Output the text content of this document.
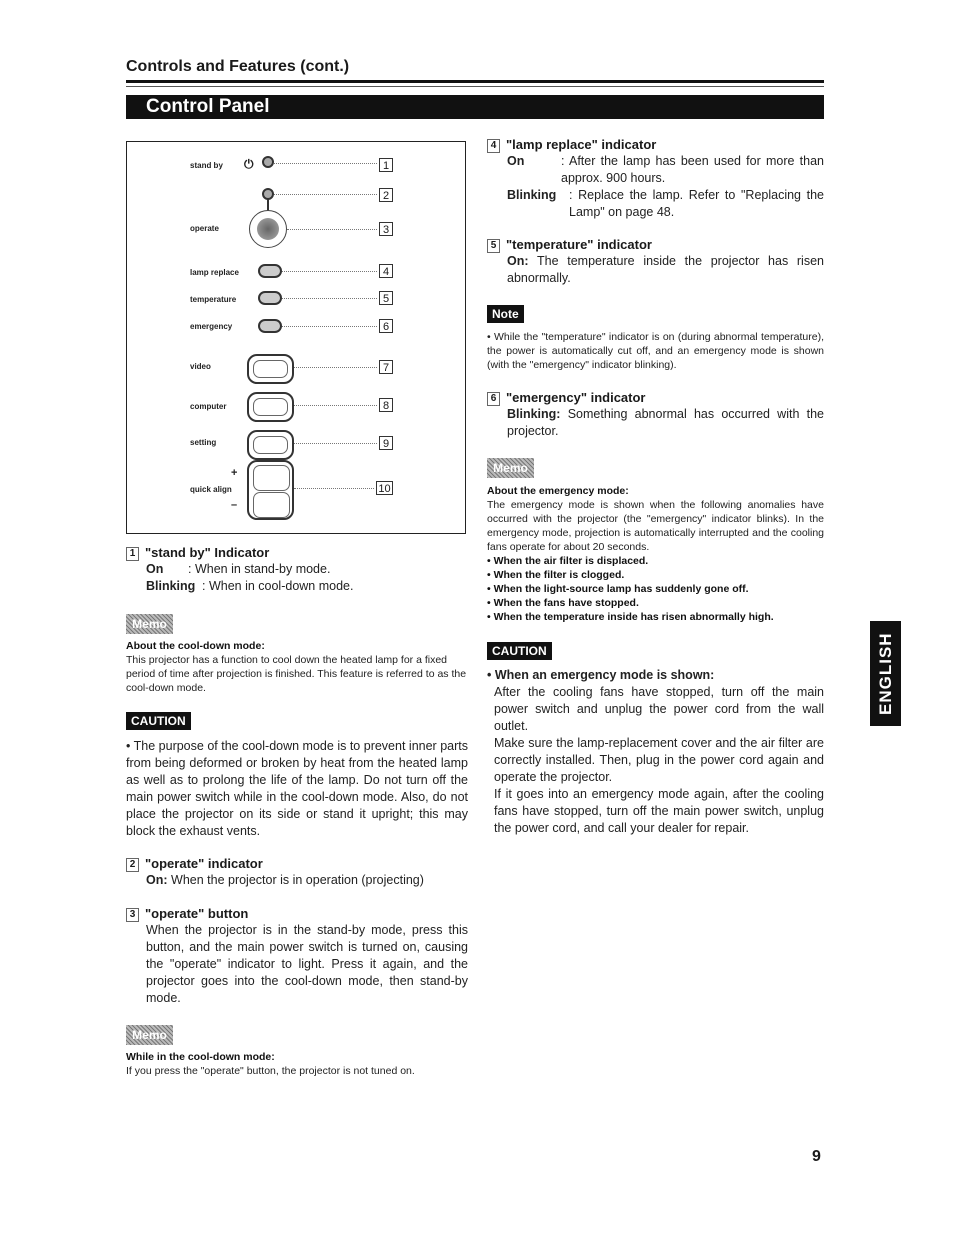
Controls and Features (cont.)
Control Panel
stand by ⏻	1
2
operate	3
lamp replace	4
temperature	5
emergency	6
video	7
computer	8
setting	9
+
quick align
–
10
1 "stand by" Indicator
On	: When in stand-by mode.
Blinking : When in cool-down mode.
Memo
About the cool-down mode:
This projector has a function to cool down the heated lamp for a fixed period of time after projection is finished. This feature is referred to as the cool-down mode.
CAUTION
• The purpose of the cool-down mode is to prevent inner parts from being deformed or broken by heat from the heated lamp as well as to prolong the life of the lamp. Do not turn off the main power switch while in the cool-down mode. Also, do not place the projector on its side or stand it upright; this may block the exhaust vents.
2 "operate" indicator
On: When the projector is in operation (projecting)
3 "operate" button
When the projector is in the stand-by mode, press this button, and the main power switch is turned on, causing the "operate" indicator to light. Press it again, and the projector goes into the cool-down mode, then stand-by mode.
Memo
While in the cool-down mode:
If you press the "operate" button, the projector is not tuned on.
4 "lamp replace" indicator
On	: After the lamp has been used for more than approx. 900 hours.
Blinking	: Replace the lamp. Refer to "Replacing the Lamp" on page 48.
5 "temperature" indicator
On: The temperature inside the projector has risen abnormally.
Note
• While the "temperature" indicator is on (during abnormal temperature), the power is automatically cut off, and an emergency mode is shown (with the "emergency" indicator blinking).
6 "emergency" indicator
Blinking: Something abnormal has occurred with the projector.
Memo
About the emergency mode:
The emergency mode is shown when the following anomalies have occurred with the projector (the "emergency" indicator blinks). In the emergency mode, projection is automatically interrupted and the cooling fans operate for about 20 seconds.
• When the air filter is displaced.
• When the filter is clogged.
• When the light-source lamp has suddenly gone off.
• When the fans have stopped.
• When the temperature inside has risen abnormally high.
CAUTION
• When an emergency mode is shown:
After the cooling fans have stopped, turn off the main power switch and unplug the power cord from the wall outlet.
Make sure the lamp-replacement cover and the air filter are correctly installed. Then, plug in the power cord again and operate the projector.
If it goes into an emergency mode again, after the cooling fans have stopped, turn off the main power switch, unplug the power cord, and call your dealer for repair.
ENGLISH
9
